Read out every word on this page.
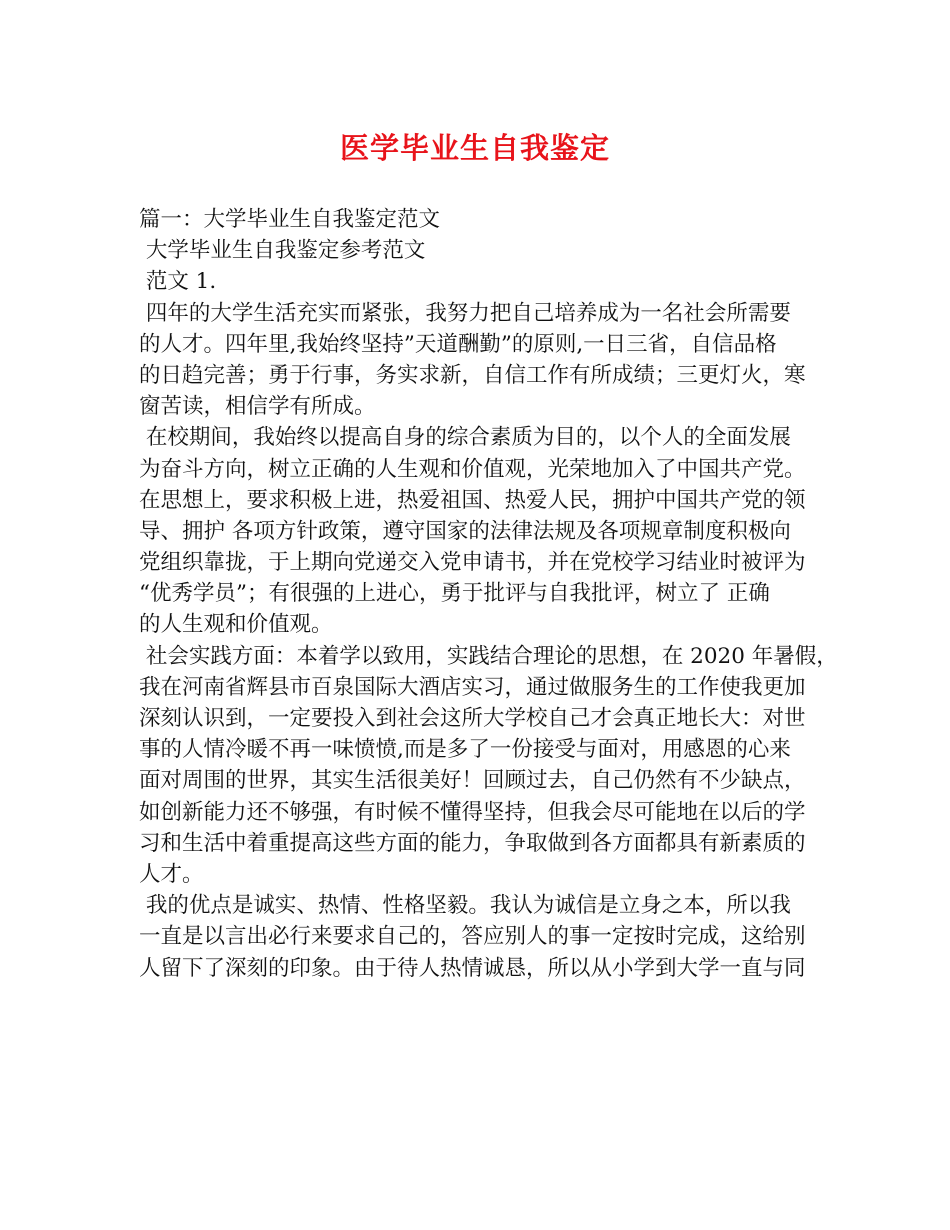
医学毕业生自我鉴定
篇一：大学毕业生自我鉴定范文
大学毕业生自我鉴定参考范文
范文 1.
四年的大学生活充实而紧张，我努力把自己培养成为一名社会所需要
的人才。四年里,我始终坚持”天道酬勤”的原则,一日三省，自信品格
的日趋完善；勇于行事，务实求新，自信工作有所成绩；三更灯火，寒
窗苦读，相信学有所成。
在校期间，我始终以提高自身的综合素质为目的，以个人的全面发展
为奋斗方向，树立正确的人生观和价值观，光荣地加入了中国共产党。
在思想上，要求积极上进，热爱祖国、热爱人民，拥护中国共产党的领
导、拥护 各项方针政策，遵守国家的法律法规及各项规章制度积极向
党组织靠拢，于上期向党递交入党申请书，并在党校学习结业时被评为
“优秀学员”；有很强的上进心，勇于批评与自我批评，树立了 正确
的人生观和价值观。
社会实践方面：本着学以致用，实践结合理论的思想，在 2020 年暑假，
我在河南省辉县市百泉国际大酒店实习，通过做服务生的工作使我更加
深刻认识到，一定要投入到社会这所大学校自己才会真正地长大：对世
事的人情冷暖不再一味愤愤,而是多了一份接受与面对，用感恩的心来
面对周围的世界，其实生活很美好！回顾过去，自己仍然有不少缺点，
如创新能力还不够强，有时候不懂得坚持，但我会尽可能地在以后的学
习和生活中着重提高这些方面的能力，争取做到各方面都具有新素质的
人才。
我的优点是诚实、热情、性格坚毅。我认为诚信是立身之本，所以我
一直是以言出必行来要求自己的，答应别人的事一定按时完成，这给别
人留下了深刻的印象。由于待人热情诚恳，所以从小学到大学一直与同
